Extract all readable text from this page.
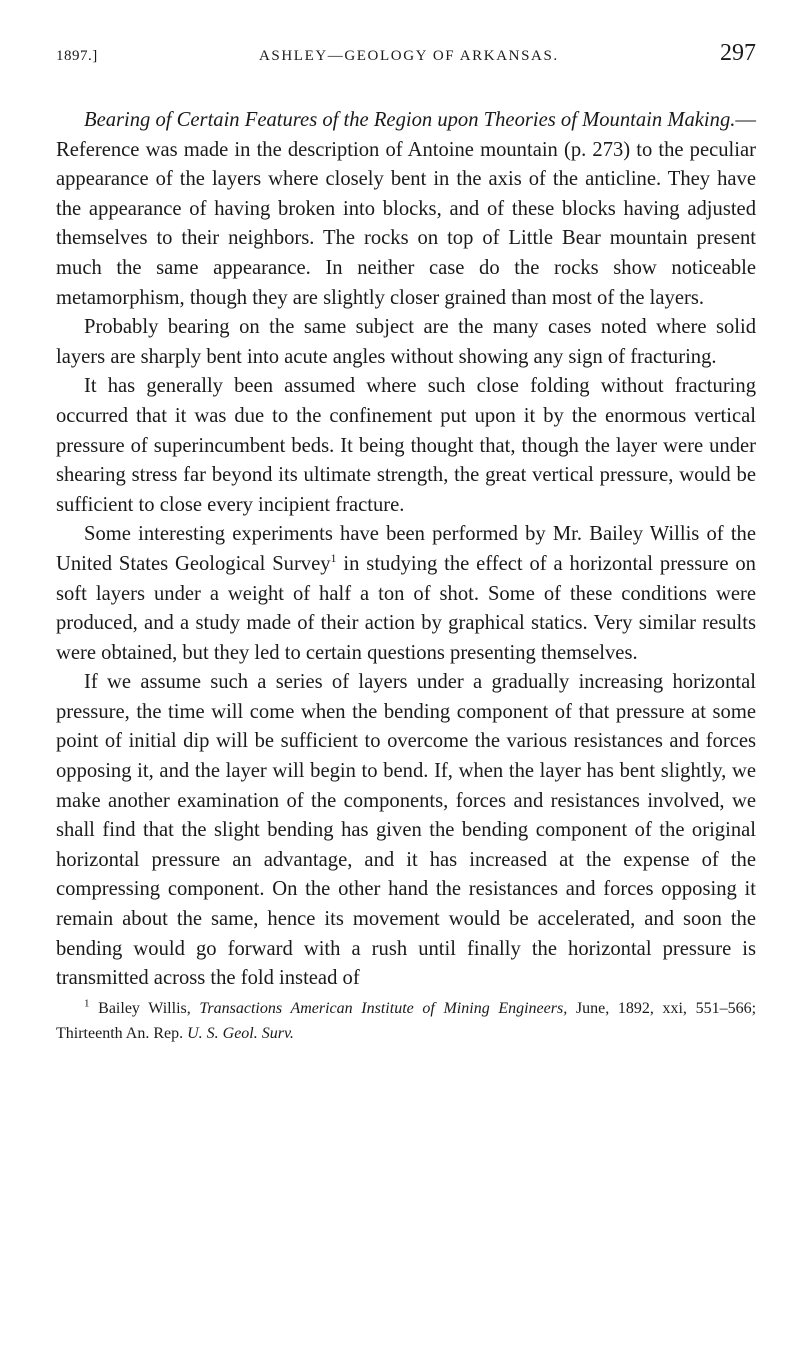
1897.]	ASHLEY—GEOLOGY OF ARKANSAS.	297

Bearing of Certain Features of the Region upon Theories of Mountain Making.—Reference was made in the description of Antoine mountain (p. 273) to the peculiar appearance of the layers where closely bent in the axis of the anticline. They have the appearance of having broken into blocks, and of these blocks having adjusted themselves to their neighbors. The rocks on top of Little Bear mountain present much the same appearance. In neither case do the rocks show noticeable metamorphism, though they are slightly closer grained than most of the layers.

Probably bearing on the same subject are the many cases noted where solid layers are sharply bent into acute angles without showing any sign of fracturing.

It has generally been assumed where such close folding without fracturing occurred that it was due to the confinement put upon it by the enormous vertical pressure of superincumbent beds. It being thought that, though the layer were under shearing stress far beyond its ultimate strength, the great vertical pressure, would be sufficient to close every incipient fracture.

Some interesting experiments have been performed by Mr. Bailey Willis of the United States Geological Survey$^1$ in studying the effect of a horizontal pressure on soft layers under a weight of half a ton of shot. Some of these conditions were produced, and a study made of their action by graphical statics. Very similar results were obtained, but they led to certain questions presenting themselves.

If we assume such a series of layers under a gradually increasing horizontal pressure, the time will come when the bending component of that pressure at some point of initial dip will be sufficient to overcome the various resistances and forces opposing it, and the layer will begin to bend. If, when the layer has bent slightly, we make another examination of the components, forces and resistances involved, we shall find that the slight bending has given the bending component of the original horizontal pressure an advantage, and it has increased at the expense of the compressing component. On the other hand the resistances and forces opposing it remain about the same, hence its movement would be accelerated, and soon the bending would go forward with a rush until finally the horizontal pressure is transmitted across the fold instead of

$^1$ Bailey Willis, Transactions American Institute of Mining Engineers, June, 1892, xxi, 551–566; Thirteenth An. Rep. U. S. Geol. Surv.
